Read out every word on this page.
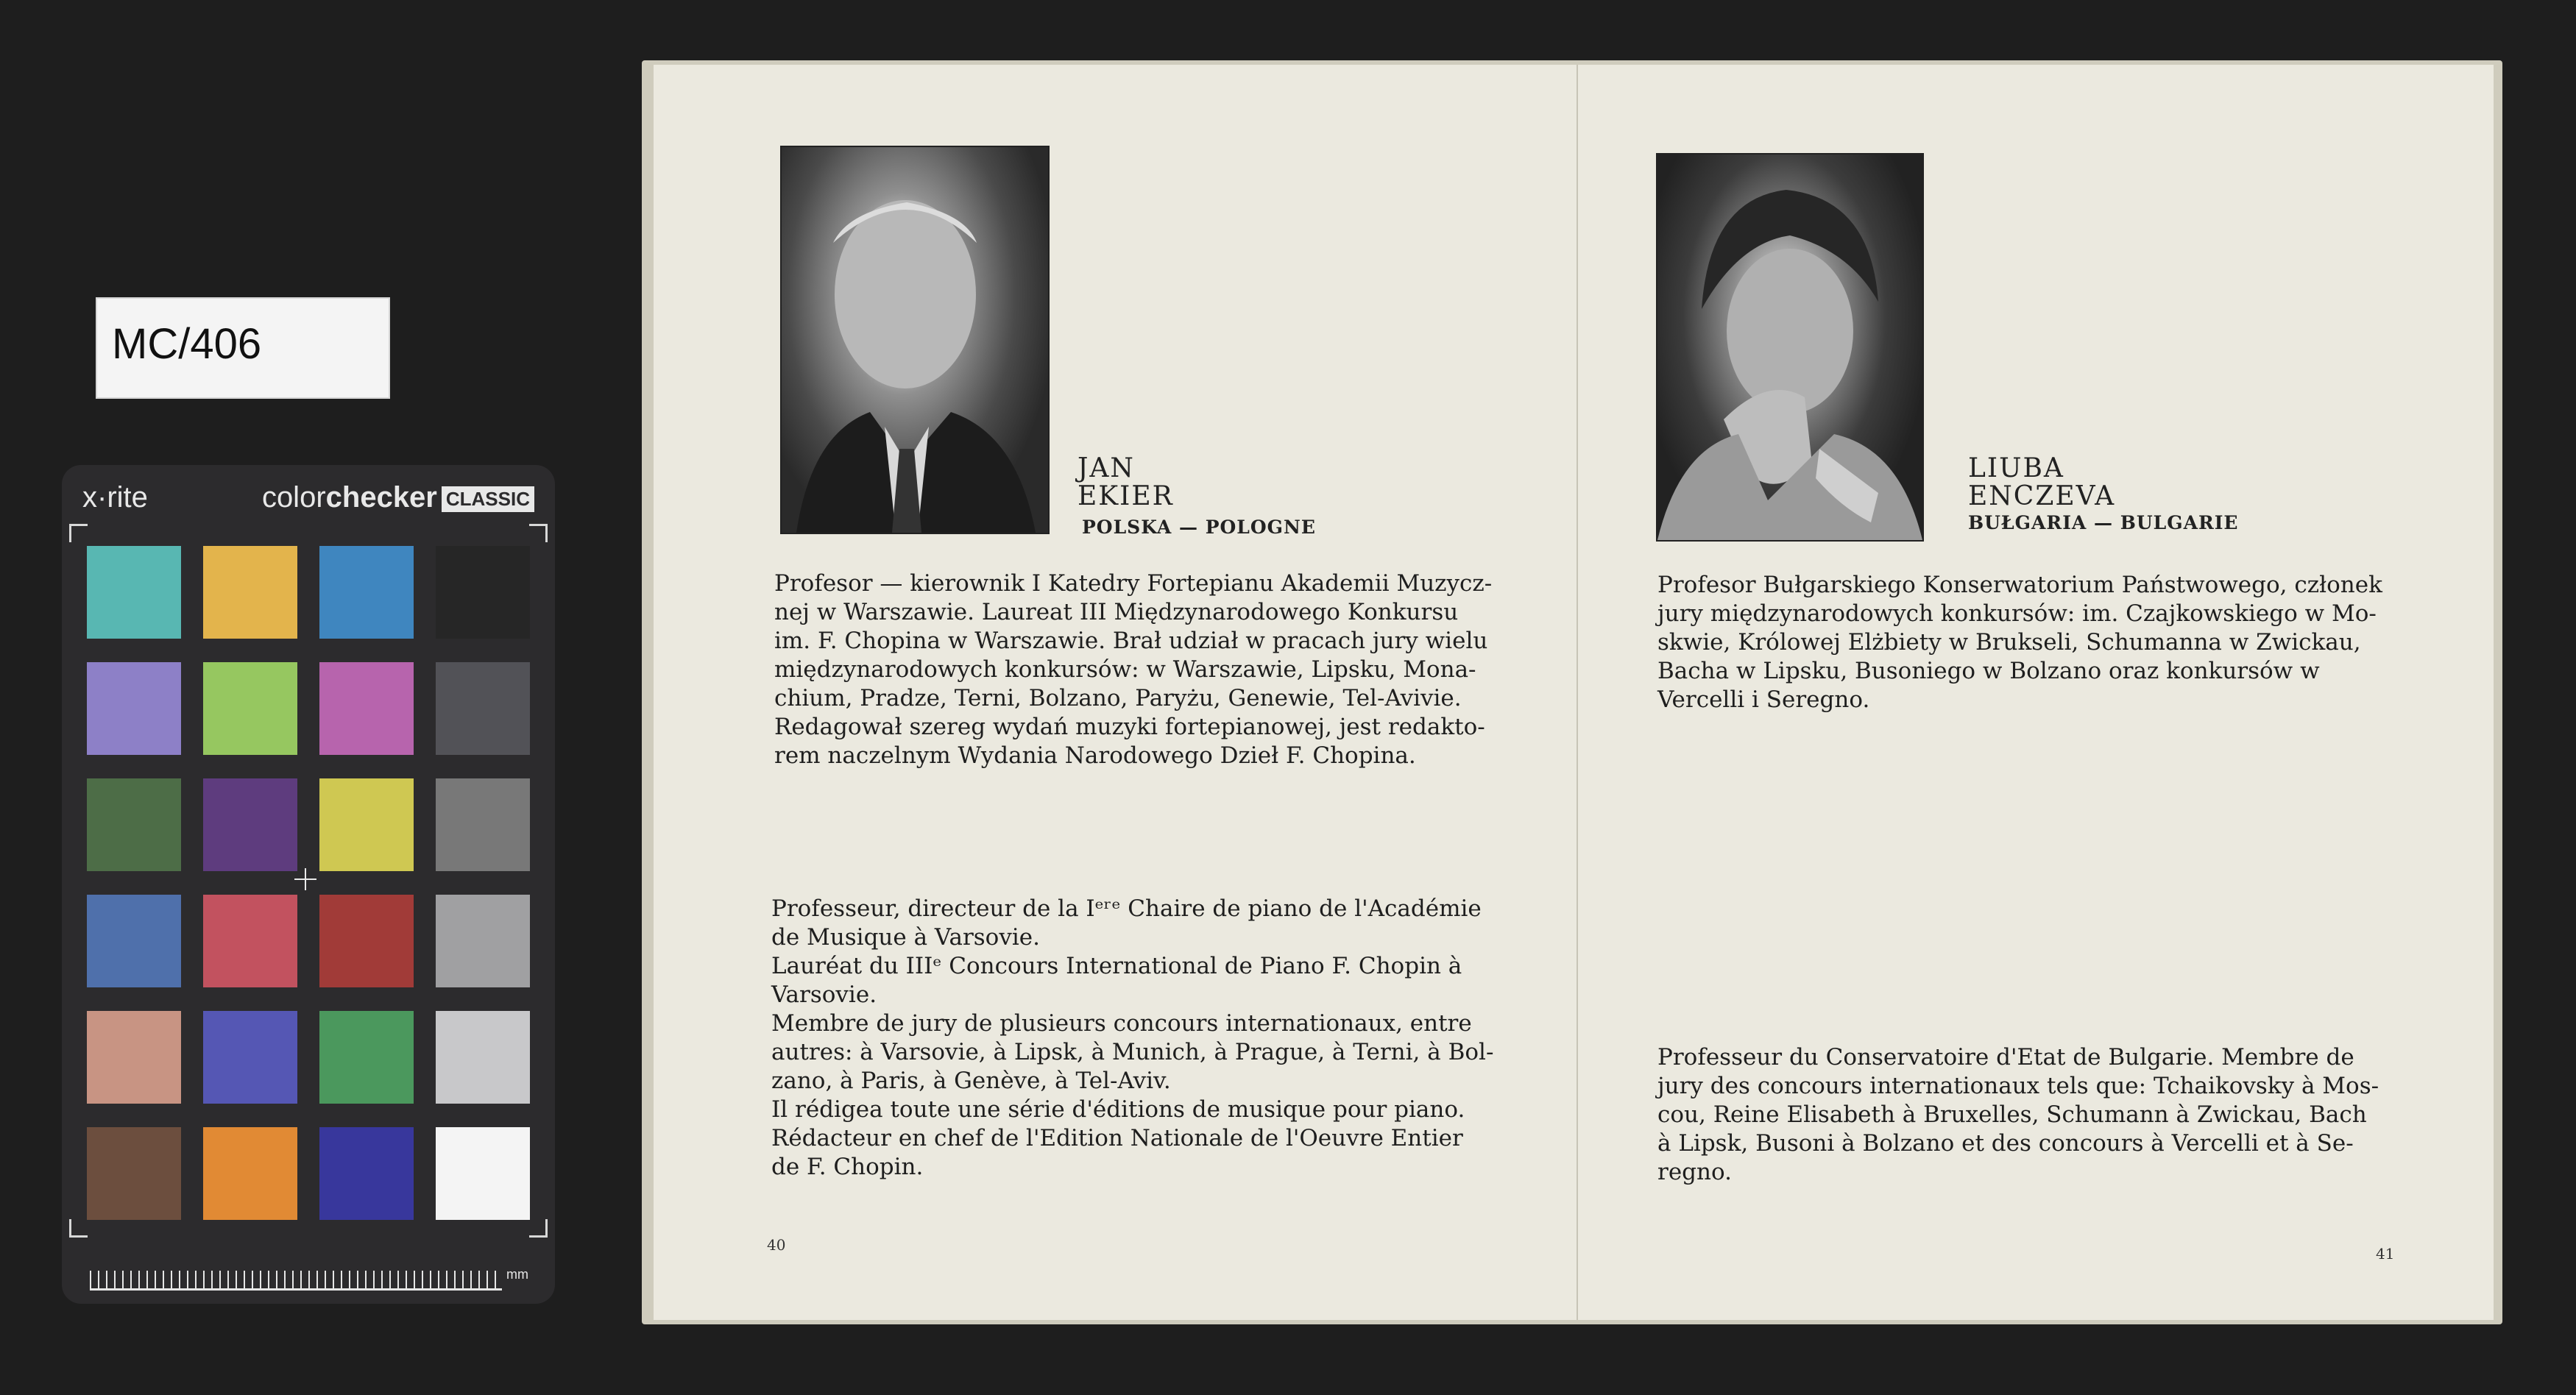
MC/406
x·rite	colorchecker CLASSIC
mm
JAN
EKIER
POLSKA — POLOGNE

Profesor — kierownik I Katedry Fortepianu Akademii Muzycz-
nej w Warszawie. Laureat III Międzynarodowego Konkursu
im. F. Chopina w Warszawie. Brał udział w pracach jury wielu
międzynarodowych konkursów: w Warszawie, Lipsku, Mona-
chium, Pradze, Terni, Bolzano, Paryżu, Genewie, Tel-Avivie.
Redagował szereg wydań muzyki fortepianowej, jest redakto-
rem naczelnym Wydania Narodowego Dzieł F. Chopina.

Professeur, directeur de la Iᵉʳᵉ Chaire de piano de l'Académie
de Musique à Varsovie.
Lauréat du IIIᵉ Concours International de Piano F. Chopin à
Varsovie.
Membre de jury de plusieurs concours internationaux, entre
autres: à Varsovie, à Lipsk, à Munich, à Prague, à Terni, à Bol-
zano, à Paris, à Genève, à Tel-Aviv.
Il rédigea toute une série d'éditions de musique pour piano.
Rédacteur en chef de l'Edition Nationale de l'Oeuvre Entier
de F. Chopin.

40
LIUBA
ENCZEVA
BUŁGARIA — BULGARIE

Profesor Bułgarskiego Konserwatorium Państwowego, członek
jury międzynarodowych konkursów: im. Czajkowskiego w Mo-
skwie, Królowej Elżbiety w Brukseli, Schumanna w Zwickau,
Bacha w Lipsku, Busoniego w Bolzano oraz konkursów w
Vercelli i Seregno.

Professeur du Conservatoire d'Etat de Bulgarie. Membre de
jury des concours internationaux tels que: Tchaikovsky à Mos-
cou, Reine Elisabeth à Bruxelles, Schumann à Zwickau, Bach
à Lipsk, Busoni à Bolzano et des concours à Vercelli et à Se-
regno.

41
